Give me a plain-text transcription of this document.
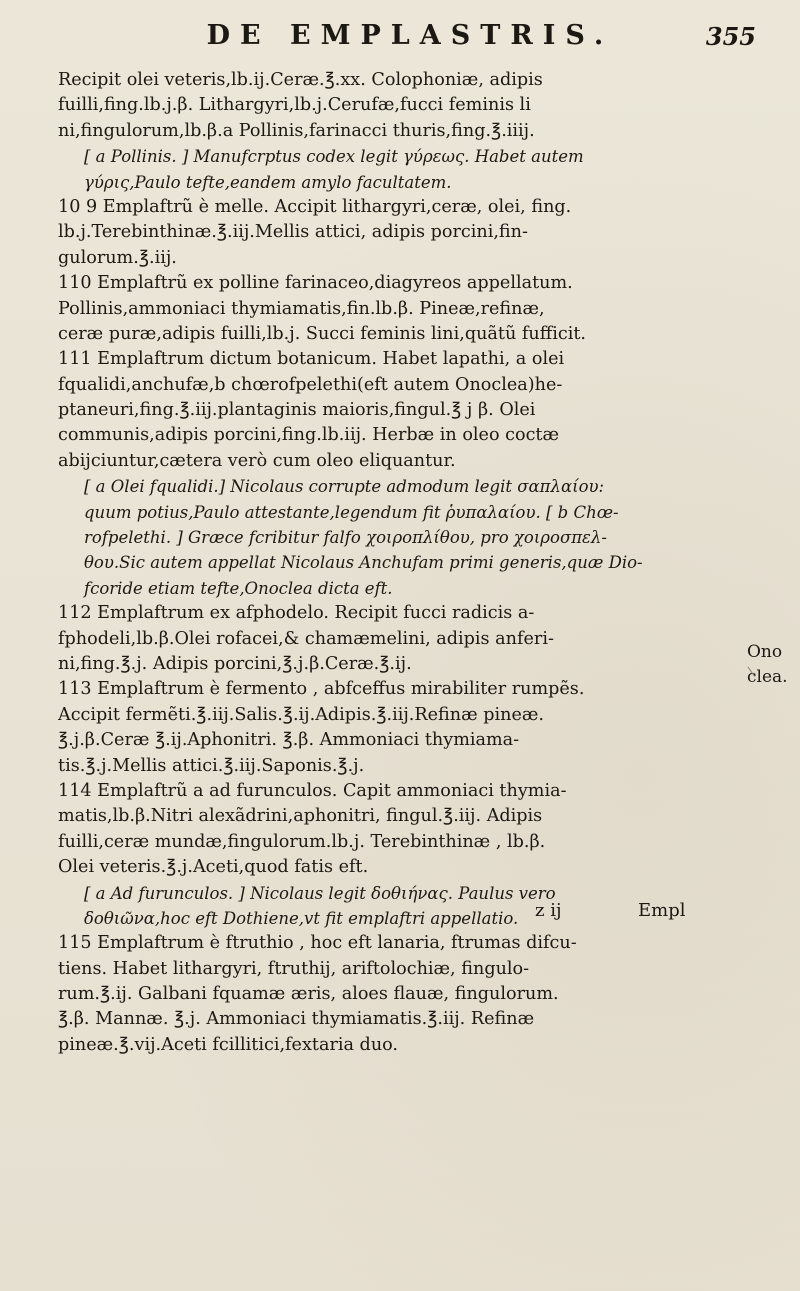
DE EMPLASTRIS.	355
Recipit olei veteris,lb.ij.Ceræ.℥.xx. Colophoniæ, adipis
fuilli,fing.lb.j.β. Lithargyri,lb.j.Cerufæ,fucci feminis li
ni,fingulorum,lb.β.a Pollinis,farinacci thuris,fing.℥.iiij.
[ a Pollinis. ] Manufcrptus codex legit γύρεως. Habet autem
γύρις,Paulo tefte,eandem amylo facultatem.
10 9 Emplaftrũ è melle. Accipit lithargyri,ceræ, olei, fing.
lb.j.Terebinthinæ.℥.iij.Mellis attici, adipis porcini,fin-
gulorum.℥.iij.
110 Emplaftrũ ex polline farinaceo,diagyreos appellatum.
Pollinis,ammoniaci thymiamatis,fin.lb.β. Pineæ,refinæ,
ceræ puræ,adipis fuilli,lb.j. Succi feminis lini,quãtũ fufficit.
111 Emplaftrum dictum botanicum. Habet lapathi, a olei
fqualidi,anchufæ,b chœrofpelethi(eft autem Onoclea)he-
ptaneuri,fing.℥.iij.plantaginis maioris,fingul.℥ j β. Olei
communis,adipis porcini,fing.lb.iij. Herbæ in oleo coctæ
abijciuntur,cætera verò cum oleo eliquantur.
[ a Olei fqualidi.] Nicolaus corrupte admodum legit σαπλαίου:
quum potius,Paulo attestante,legendum fit ῥυπαλαίου. [ b Chœ-
rofpelethi. ] Græce fcribitur falfo χοιροπλίθου, pro χοιροσπελ-
θου.Sic autem appellat Nicolaus Anchufam primi generis,quæ Dio-
fcoride etiam tefte,Onoclea dicta eft.
112 Emplaftrum ex afphodelo. Recipit fucci radicis a-
fphodeli,lb.β.Olei rofacei,& chamæmelini, adipis anferi-
ni,fing.℥.j. Adipis porcini,℥.j.β.Ceræ.℥.ij.
113 Emplaftrum è fermento , abfceffus mirabiliter rumpẽs.
Accipit fermẽti.℥.iij.Salis.℥.ij.Adipis.℥.iij.Refinæ pineæ.
℥.j.β.Ceræ ℥.ij.Aphonitri. ℥.β. Ammoniaci thymiama-
tis.℥.j.Mellis attici.℥.iij.Saponis.℥.j.
114 Emplaftrũ a ad furunculos. Capit ammoniaci thymia-
matis,lb.β.Nitri alexãdrini,aphonitri, fingul.℥.iij. Adipis
fuilli,ceræ mundæ,fingulorum.lb.j. Terebinthinæ , lb.β.
Olei veteris.℥.j.Aceti,quod fatis eft.
[ a Ad furunculos. ] Nicolaus legit δοθιήνας. Paulus vero
δοθιῶνα,hoc eft Dothiene,vt fit emplaftri appellatio.
115 Emplaftrum è ftruthio , hoc eft lanaria, ftrumas difcu-
tiens. Habet lithargyri, ftruthij, ariftolochiæ, fingulo-
rum.℥.ij. Galbani fquamæ æris, aloes flauæ, fingulorum.
℥.β. Mannæ. ℥.j. Ammoniaci thymiamatis.℥.iij. Refinæ
pineæ.℥.vij.Aceti fcillitici,fextaria duo.
Ono
clea.
z ij	Empl
